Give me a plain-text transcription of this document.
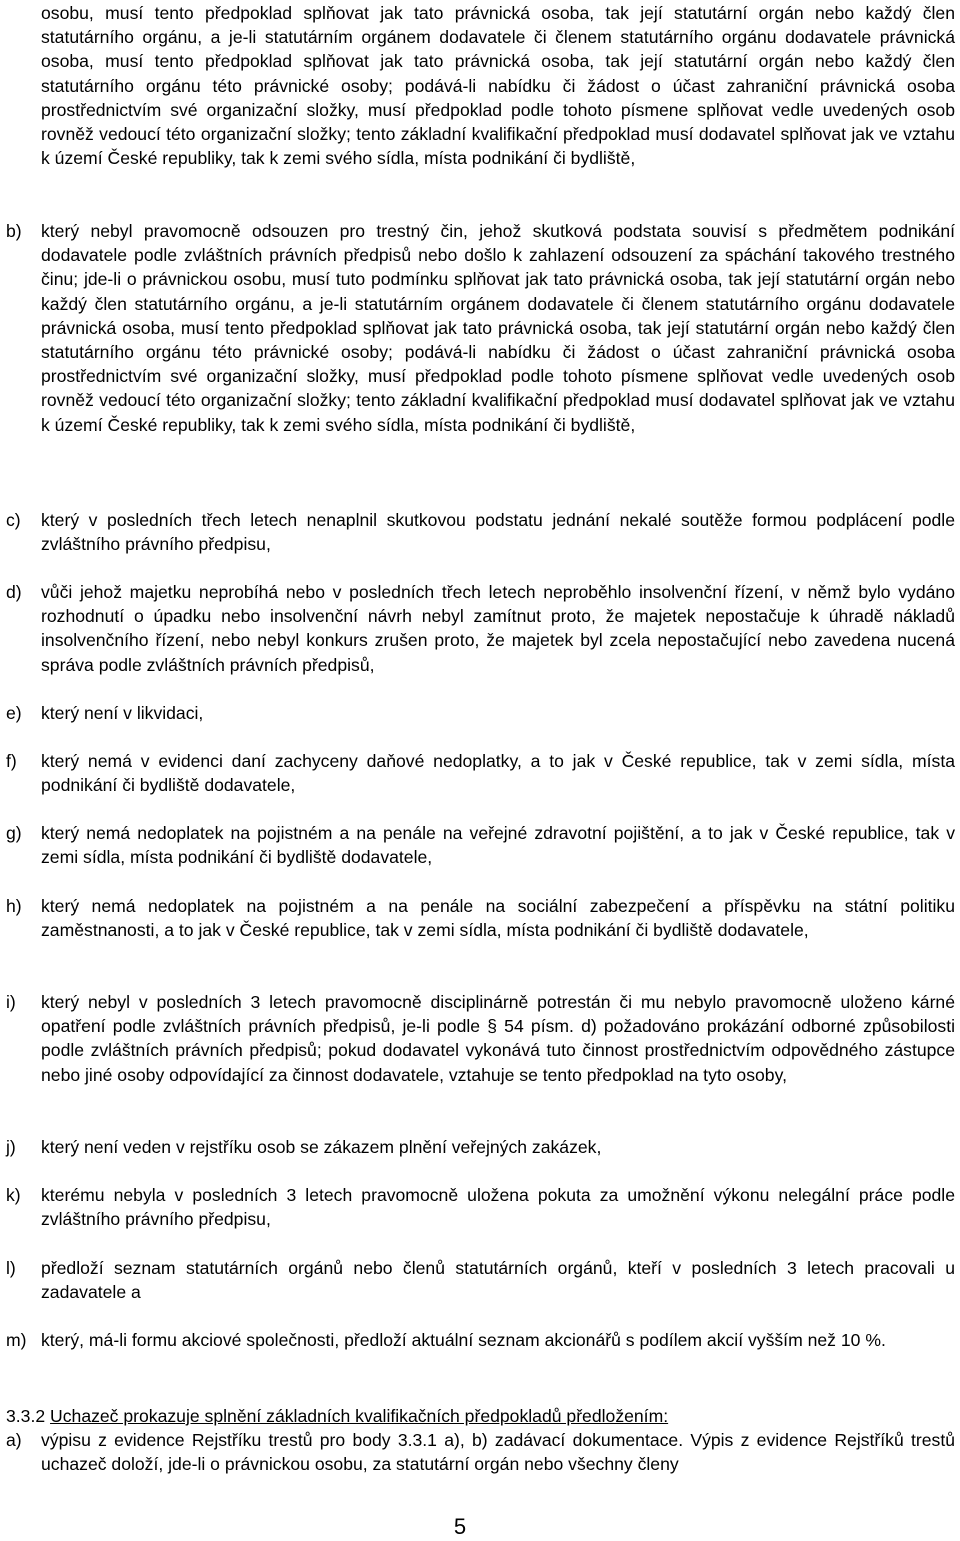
osobu, musí tento předpoklad splňovat jak tato právnická osoba, tak její statutární orgán nebo každý člen statutárního orgánu, a je-li statutárním orgánem dodavatele či členem statutárního orgánu dodavatele právnická osoba, musí tento předpoklad splňovat jak tato právnická osoba, tak její statutární orgán nebo každý člen statutárního orgánu této právnické osoby; podává-li nabídku či žádost o účast zahraniční právnická osoba prostřednictvím své organizační složky, musí předpoklad podle tohoto písmene splňovat vedle uvedených osob rovněž vedoucí této organizační složky; tento základní kvalifikační předpoklad musí dodavatel splňovat jak ve vztahu k území České republiky, tak k zemi svého sídla, místa podnikání či bydliště,

b)	který nebyl pravomocně odsouzen pro trestný čin, jehož skutková podstata souvisí s předmětem podnikání dodavatele podle zvláštních právních předpisů nebo došlo k zahlazení odsouzení za spáchání takového trestného činu; jde-li o právnickou osobu, musí tuto podmínku splňovat jak tato právnická osoba, tak její statutární orgán nebo každý člen statutárního orgánu, a je-li statutárním orgánem dodavatele či členem statutárního orgánu dodavatele právnická osoba, musí tento předpoklad splňovat jak tato právnická osoba, tak její statutární orgán nebo každý člen statutárního orgánu této právnické osoby; podává-li nabídku či žádost o účast zahraniční právnická osoba prostřednictvím své organizační složky, musí předpoklad podle tohoto písmene splňovat vedle uvedených osob rovněž vedoucí této organizační složky; tento základní kvalifikační předpoklad musí dodavatel splňovat jak ve vztahu k území České republiky, tak k zemi svého sídla, místa podnikání či bydliště,

c)	který v posledních třech letech nenaplnil skutkovou podstatu jednání nekalé soutěže formou podplácení podle zvláštního právního předpisu,

d)	vůči jehož majetku neprobíhá nebo v posledních třech letech neproběhlo insolvenční řízení, v němž bylo vydáno rozhodnutí o úpadku nebo insolvenční návrh nebyl zamítnut proto, že majetek nepostačuje k úhradě nákladů insolvenčního řízení, nebo nebyl konkurs zrušen proto, že majetek byl zcela nepostačující nebo zavedena nucená správa podle zvláštních právních předpisů,

e)	který není v likvidaci,

f)	který nemá v evidenci daní zachyceny daňové nedoplatky, a to jak v České republice, tak v zemi sídla, místa podnikání či bydliště dodavatele,

g)	který nemá nedoplatek na pojistném a na penále na veřejné zdravotní pojištění, a to jak v České republice, tak v zemi sídla, místa podnikání či bydliště dodavatele,

h)	který nemá nedoplatek na pojistném a na penále na sociální zabezpečení a příspěvku na státní politiku zaměstnanosti, a to jak v České republice, tak v zemi sídla, místa podnikání či bydliště dodavatele,

i)	který nebyl v posledních 3 letech pravomocně disciplinárně potrestán či mu nebylo pravomocně uloženo kárné opatření podle zvláštních právních předpisů, je-li podle § 54 písm. d) požadováno prokázání odborné způsobilosti podle zvláštních právních předpisů; pokud dodavatel vykonává tuto činnost prostřednictvím odpovědného zástupce nebo jiné osoby odpovídající za činnost dodavatele, vztahuje se tento předpoklad na tyto osoby,

j)	který není veden v rejstříku osob se zákazem plnění veřejných zakázek,

k)	kterému nebyla v posledních 3 letech pravomocně uložena pokuta za umožnění výkonu nelegální práce podle zvláštního právního předpisu,

l)	předloží seznam statutárních orgánů nebo členů statutárních orgánů, kteří v posledních 3 letech pracovali u zadavatele a

m) který, má-li formu akciové společnosti, předloží aktuální seznam akcionářů s podílem akcií vyšším než 10 %.

3.3.2 Uchazeč prokazuje splnění základních kvalifikačních předpokladů předložením:
a)	výpisu z evidence Rejstříku trestů pro body 3.3.1 a), b) zadávací dokumentace. Výpis z evidence Rejstříků trestů uchazeč doloží, jde-li o právnickou osobu, za statutární orgán nebo všechny členy

5
